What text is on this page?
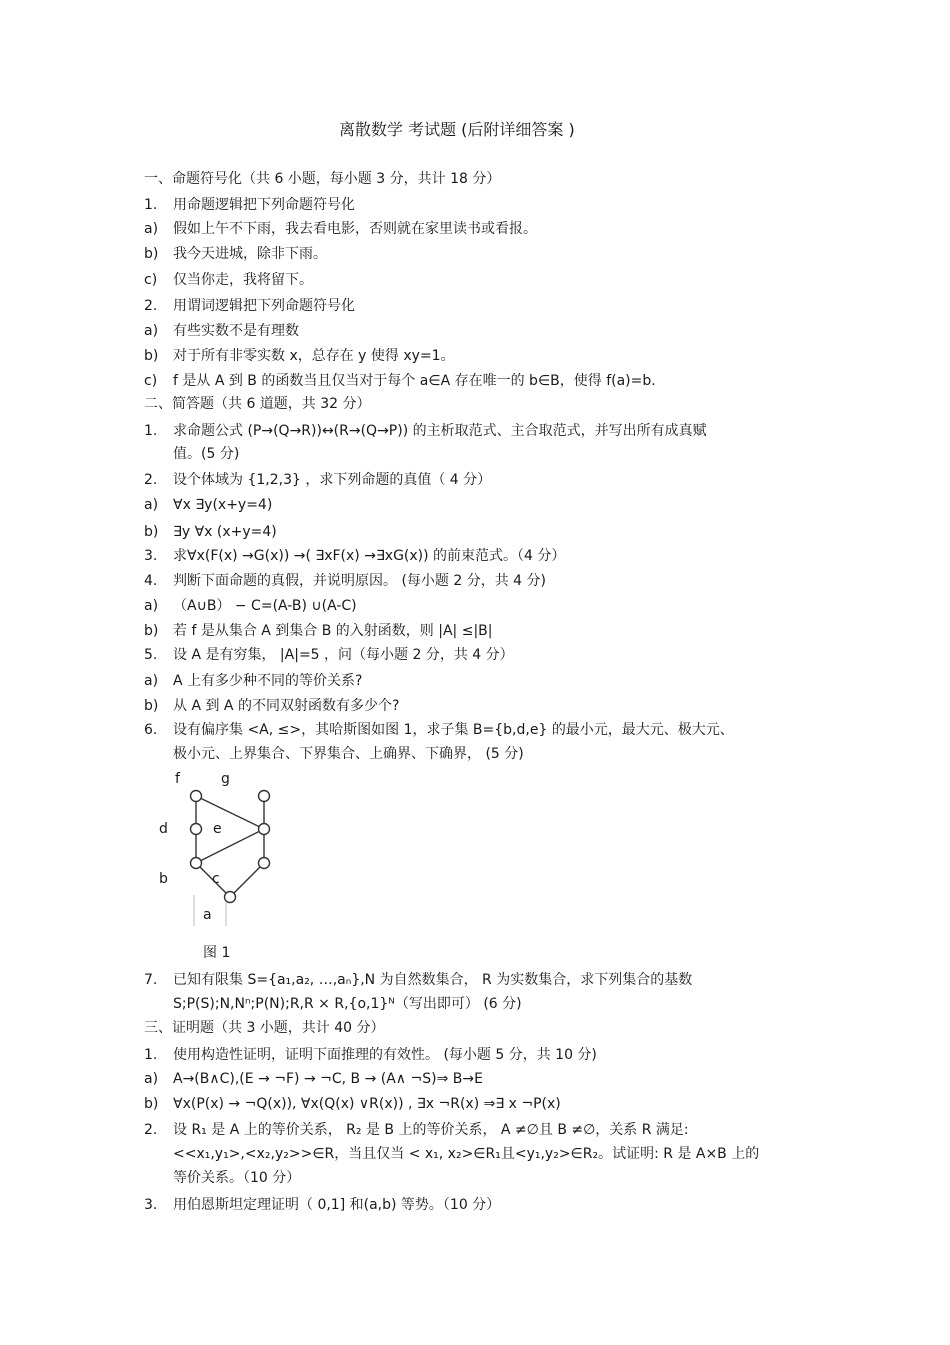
离散数学 考试题 (后附详细答案 )
一、命题符号化（共 6 小题，每小题 3 分，共计 18 分）
1. 用命题逻辑把下列命题符号化
a) 假如上午不下雨，我去看电影，否则就在家里读书或看报。
b) 我今天进城，除非下雨。
c) 仅当你走，我将留下。
2. 用谓词逻辑把下列命题符号化
a) 有些实数不是有理数
b) 对于所有非零实数 x，总存在 y 使得 xy=1。
c) f 是从 A 到 B 的函数当且仅当对于每个 a∈A 存在唯一的 b∈B，使得 f(a)=b.
二、简答题（共 6 道题，共 32 分）
1. 求命题公式 (P→(Q→R))↔(R→(Q→P)) 的主析取范式、主合取范式，并写出所有成真赋
值。(5 分)
2. 设个体域为 {1,2,3} ，求下列命题的真值（ 4 分）
a) ∀x ∃y(x+y=4)
b) ∃y ∀x (x+y=4)
3. 求∀x(F(x) →G(x)) →( ∃xF(x) →∃xG(x)) 的前束范式。（4 分）
4. 判断下面命题的真假，并说明原因。 (每小题 2 分，共 4 分)
a) （A∪B） − C=(A-B) ∪(A-C)
b) 若 f 是从集合 A 到集合 B 的入射函数，则 |A| ≤|B|
5. 设 A 是有穷集， |A|=5 ，问（每小题 2 分，共 4 分）
a) A 上有多少种不同的等价关系?
b) 从 A 到 A 的不同双射函数有多少个?
6. 设有偏序集 <A, ≤>，其哈斯图如图 1，求子集 B={b,d,e} 的最小元，最大元、极大元、
极小元、上界集合、下界集合、上确界、下确界， (5 分)
f	g
d	e
b	c
a
图 1
7. 已知有限集 S={a₁,a₂, …,aₙ},N 为自然数集合， R 为实数集合，求下列集合的基数
S;P(S);N,Nⁿ;P(N);R,R × R,{o,1}ᴺ（写出即可） (6 分)
三、证明题（共 3 小题，共计 40 分）
1. 使用构造性证明，证明下面推理的有效性。 (每小题 5 分，共 10 分)
a) A→(B∧C),(E → ¬F) → ¬C, B → (A∧ ¬S)⇒ B→E
b) ∀x(P(x) → ¬Q(x)), ∀x(Q(x) ∨R(x)) , ∃x ¬R(x) ⇒∃ x ¬P(x)
2. 设 R₁ 是 A 上的等价关系， R₂ 是 B 上的等价关系， A ≠∅且 B ≠∅，关系 R 满足:
<<x₁,y₁>,<x₂,y₂>>∈R，当且仅当 < x₁, x₂>∈R₁且<y₁,y₂>∈R₂。试证明: R 是 A×B 上的
等价关系。（10 分）
3. 用伯恩斯坦定理证明（ 0,1] 和(a,b) 等势。（10 分）
